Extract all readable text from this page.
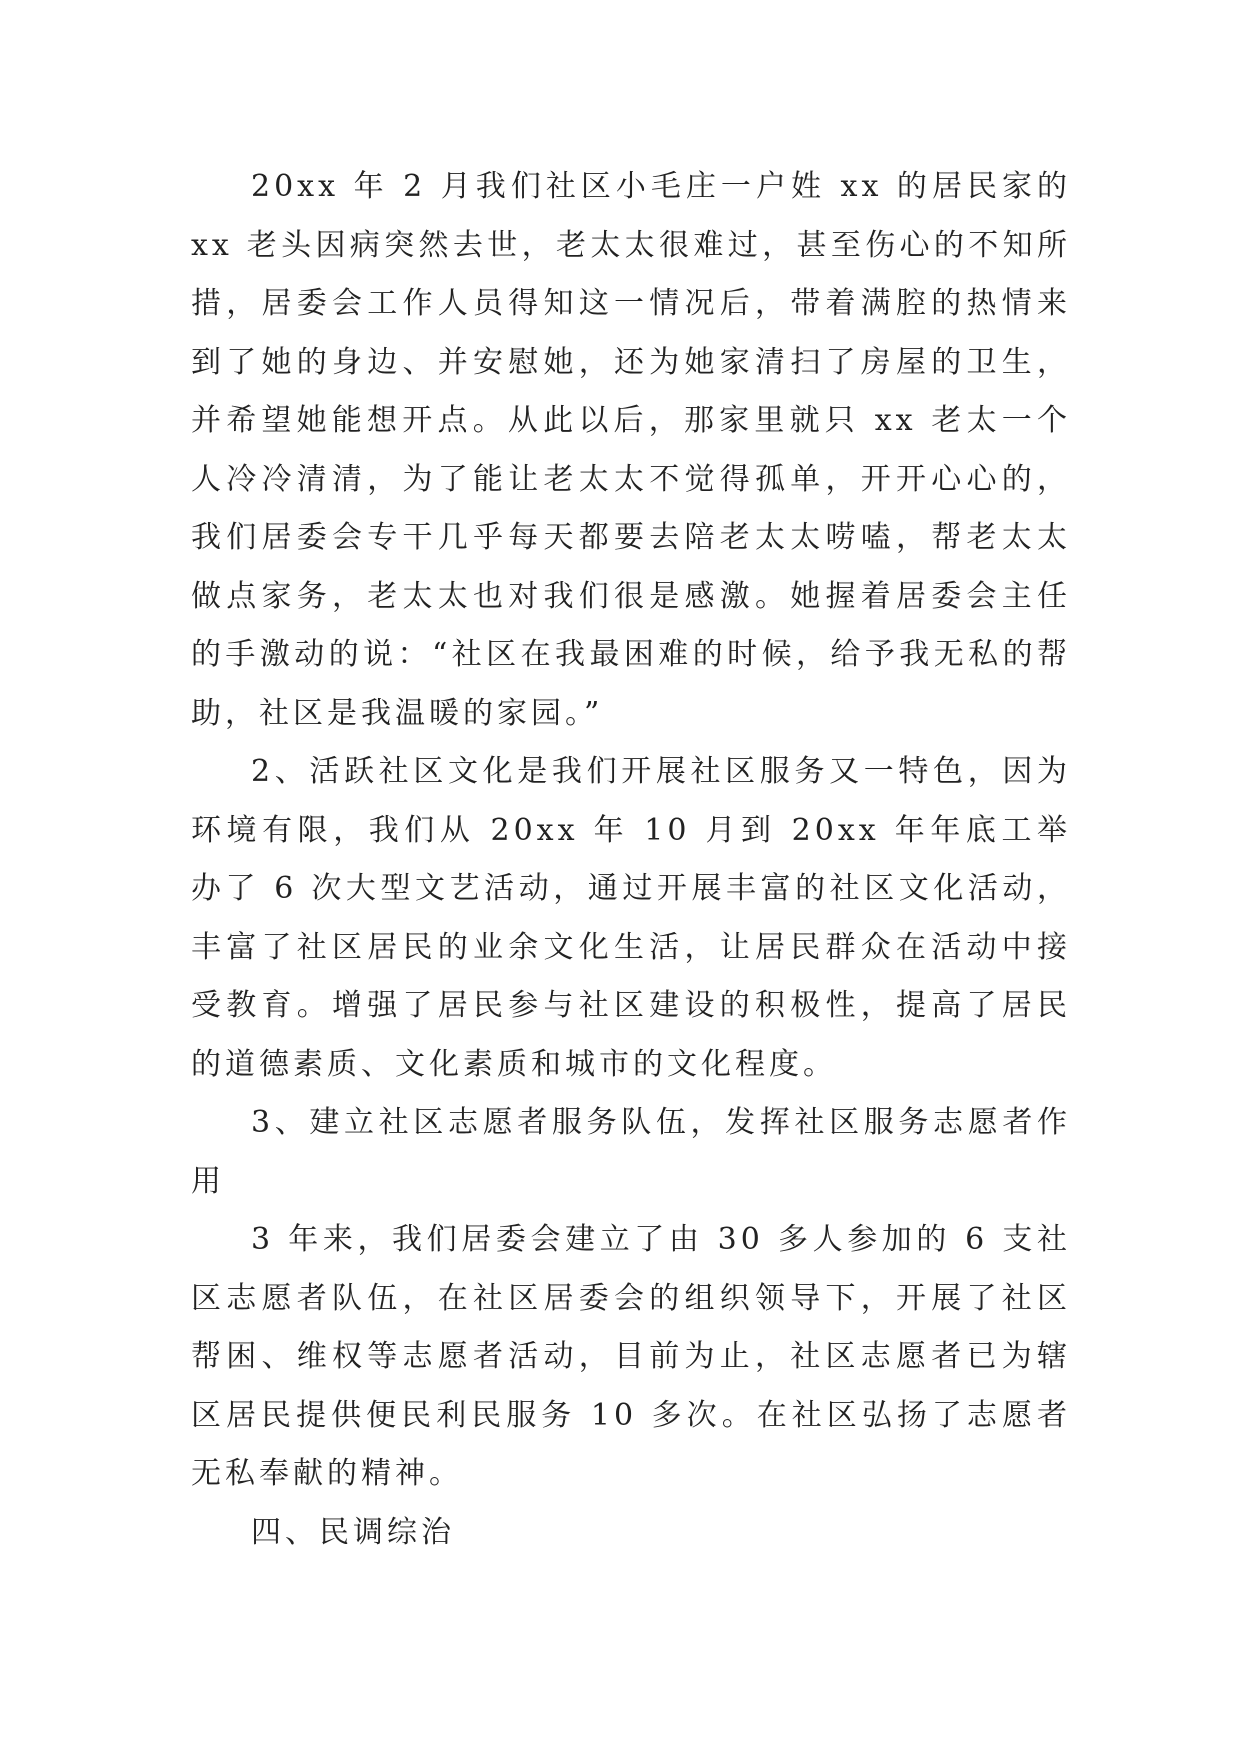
20xx 年 2 月我们社区小毛庄一户姓 xx 的居民家的 xx 老头因病突然去世，老太太很难过，甚至伤心的不知所措，居委会工作人员得知这一情况后，带着满腔的热情来到了她的身边、并安慰她，还为她家清扫了房屋的卫生，并希望她能想开点。从此以后，那家里就只 xx 老太一个人冷冷清清，为了能让老太太不觉得孤单，开开心心的，我们居委会专干几乎每天都要去陪老太太唠嗑，帮老太太做点家务，老太太也对我们很是感激。她握着居委会主任的手激动的说：“社区在我最困难的时候，给予我无私的帮助，社区是我温暖的家园。”

2、活跃社区文化是我们开展社区服务又一特色，因为环境有限，我们从 20xx 年 10 月到 20xx 年年底工举办了 6 次大型文艺活动，通过开展丰富的社区文化活动，丰富了社区居民的业余文化生活，让居民群众在活动中接受教育。增强了居民参与社区建设的积极性，提高了居民的道德素质、文化素质和城市的文化程度。

3、建立社区志愿者服务队伍，发挥社区服务志愿者作用

3 年来，我们居委会建立了由 30 多人参加的 6 支社区志愿者队伍，在社区居委会的组织领导下，开展了社区帮困、维权等志愿者活动，目前为止，社区志愿者已为辖区居民提供便民利民服务 10 多次。在社区弘扬了志愿者无私奉献的精神。

四、民调综治
